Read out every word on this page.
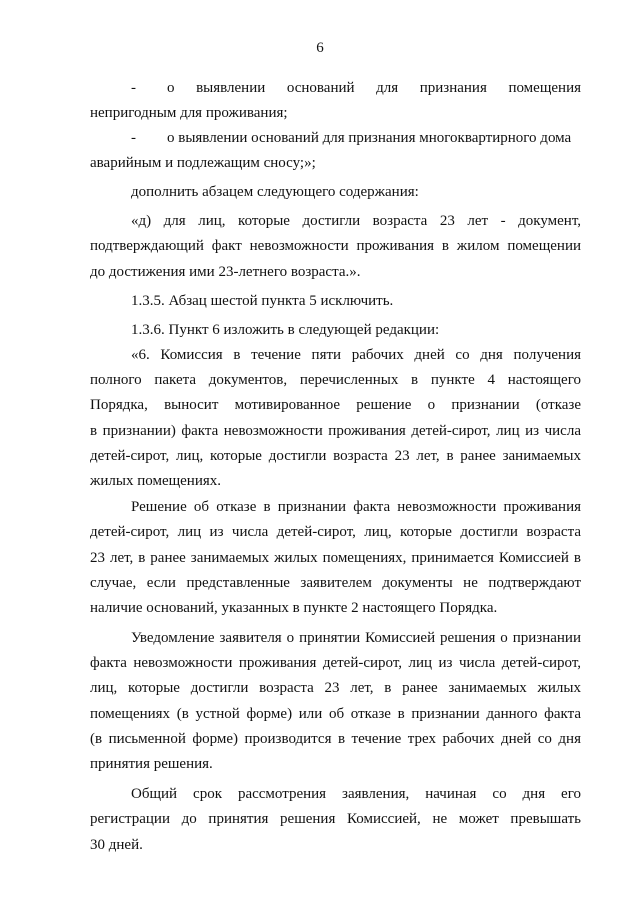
6
- о выявлении оснований для признания помещения
непригодным для проживания;
- о выявлении оснований для признания многоквартирного дома
аварийным и подлежащим сносу;»;
дополнить абзацем следующего содержания:
«д) для лиц, которые достигли возраста 23 лет - документ,
подтверждающий факт невозможности проживания в жилом помещении
до достижения ими 23-летнего возраста.».
1.3.5. Абзац шестой пункта 5 исключить.
1.3.6. Пункт 6 изложить в следующей редакции:
«6. Комиссия в течение пяти рабочих дней со дня получения
полного пакета документов, перечисленных в пункте 4 настоящего
Порядка, выносит мотивированное решение о признании (отказе
в признании) факта невозможности проживания детей-сирот, лиц из числа
детей-сирот, лиц, которые достигли возраста 23 лет, в ранее занимаемых
жилых помещениях.
Решение об отказе в признании факта невозможности проживания
детей-сирот, лиц из числа детей-сирот, лиц, которые достигли возраста
23 лет, в ранее занимаемых жилых помещениях, принимается Комиссией в
случае, если представленные заявителем документы не подтверждают
наличие оснований, указанных в пункте 2 настоящего Порядка.
Уведомление заявителя о принятии Комиссией решения о признании
факта невозможности проживания детей-сирот, лиц из числа детей-сирот,
лиц, которые достигли возраста 23 лет, в ранее занимаемых жилых
помещениях (в устной форме) или об отказе в признании данного факта
(в письменной форме) производится в течение трех рабочих дней со дня
принятия решения.
Общий срок рассмотрения заявления, начиная со дня его
регистрации до принятия решения Комиссией, не может превышать
30 дней.
